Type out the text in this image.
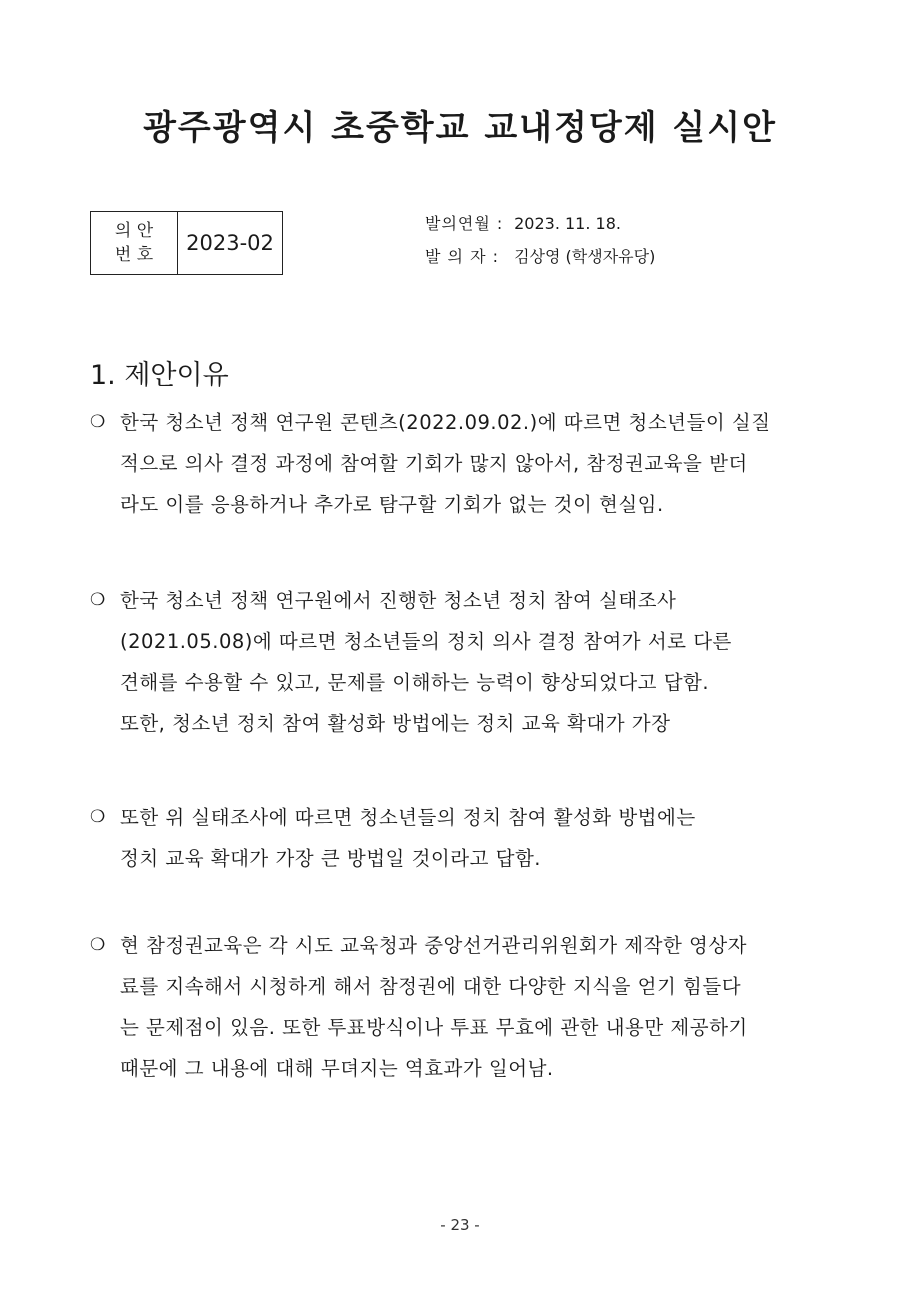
광주광역시 초중학교 교내정당제 실시안
의 안
번 호	2023-02
발의연월 : 2023. 11. 18.
발 의 자 : 김상영 (학생자유당)
1. 제안이유
❍ 한국 청소년 정책 연구원 콘텐츠(2022.09.02.)에 따르면 청소년들이 실질
적으로 의사 결정 과정에 참여할 기회가 많지 않아서, 참정권교육을 받더
라도 이를 응용하거나 추가로 탐구할 기회가 없는 것이 현실임.
❍ 한국 청소년 정책 연구원에서 진행한 청소년 정치 참여 실태조사
(2021.05.08)에 따르면 청소년들의 정치 의사 결정 참여가 서로 다른
견해를 수용할 수 있고, 문제를 이해하는 능력이 향상되었다고 답함.
또한, 청소년 정치 참여 활성화 방법에는 정치 교육 확대가 가장
❍ 또한 위 실태조사에 따르면 청소년들의 정치 참여 활성화 방법에는
정치 교육 확대가 가장 큰 방법일 것이라고 답함.
❍ 현 참정권교육은 각 시도 교육청과 중앙선거관리위원회가 제작한 영상자
료를 지속해서 시청하게 해서 참정권에 대한 다양한 지식을 얻기 힘들다
는 문제점이 있음. 또한 투표방식이나 투표 무효에 관한 내용만 제공하기
때문에 그 내용에 대해 무뎌지는 역효과가 일어남.
- 23 -
